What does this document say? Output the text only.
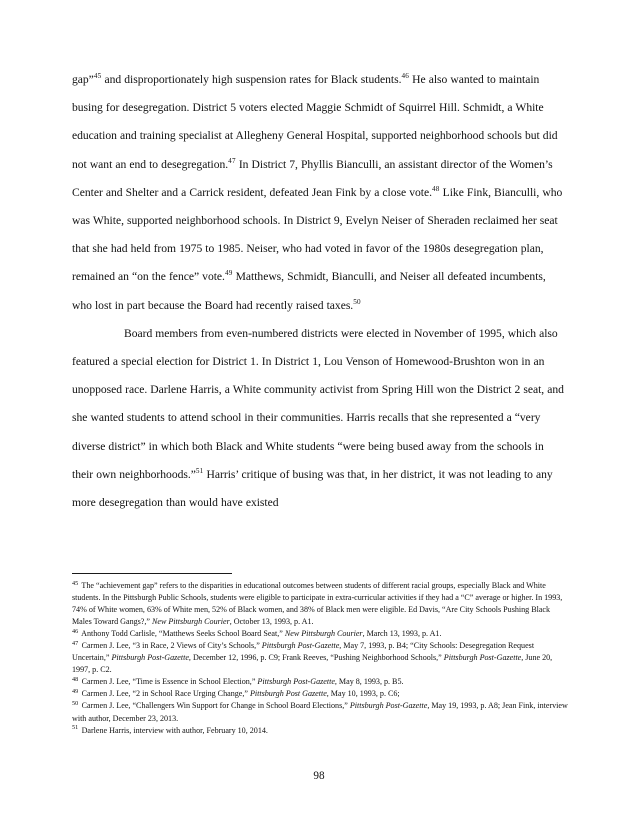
gap”$^{45}$ and disproportionately high suspension rates for Black students.$^{46}$ He also wanted to maintain busing for desegregation. District 5 voters elected Maggie Schmidt of Squirrel Hill. Schmidt, a White education and training specialist at Allegheny General Hospital, supported neighborhood schools but did not want an end to desegregation.$^{47}$ In District 7, Phyllis Bianculli, an assistant director of the Women’s Center and Shelter and a Carrick resident, defeated Jean Fink by a close vote.$^{48}$ Like Fink, Bianculli, who was White, supported neighborhood schools. In District 9, Evelyn Neiser of Sheraden reclaimed her seat that she had held from 1975 to 1985. Neiser, who had voted in favor of the 1980s desegregation plan, remained an “on the fence” vote.$^{49}$ Matthews, Schmidt, Bianculli, and Neiser all defeated incumbents, who lost in part because the Board had recently raised taxes.$^{50}$

Board members from even-numbered districts were elected in November of 1995, which also featured a special election for District 1. In District 1, Lou Venson of Homewood-Brushton won in an unopposed race. Darlene Harris, a White community activist from Spring Hill won the District 2 seat, and she wanted students to attend school in their communities. Harris recalls that she represented a “very diverse district” in which both Black and White students “were being bused away from the schools in their own neighborhoods.”$^{51}$ Harris’ critique of busing was that, in her district, it was not leading to any more desegregation than would have existed

$^{45}$ The “achievement gap” refers to the disparities in educational outcomes between students of different racial groups, especially Black and White students. In the Pittsburgh Public Schools, students were eligible to participate in extra-curricular activities if they had a “C” average or higher. In 1993, 74% of White women, 63% of White men, 52% of Black women, and 38% of Black men were eligible. Ed Davis, “Are City Schools Pushing Black Males Toward Gangs?,” New Pittsburgh Courier, October 13, 1993, p. A1.

$^{46}$ Anthony Todd Carlisle, “Matthews Seeks School Board Seat,” New Pittsburgh Courier, March 13, 1993, p. A1.

$^{47}$ Carmen J. Lee, “3 in Race, 2 Views of City’s Schools,” Pittsburgh Post-Gazette, May 7, 1993, p. B4; “City Schools: Desegregation Request Uncertain,” Pittsburgh Post-Gazette, December 12, 1996, p. C9; Frank Reeves, “Pushing Neighborhood Schools,” Pittsburgh Post-Gazette, June 20, 1997, p. C2.

$^{48}$ Carmen J. Lee, “Time is Essence in School Election,” Pittsburgh Post-Gazette, May 8, 1993, p. B5.

$^{49}$ Carmen J. Lee, “2 in School Race Urging Change,” Pittsburgh Post Gazette, May 10, 1993, p. C6;

$^{50}$ Carmen J. Lee, “Challengers Win Support for Change in School Board Elections,” Pittsburgh Post-Gazette, May 19, 1993, p. A8; Jean Fink, interview with author, December 23, 2013.

$^{51}$ Darlene Harris, interview with author, February 10, 2014.

98
